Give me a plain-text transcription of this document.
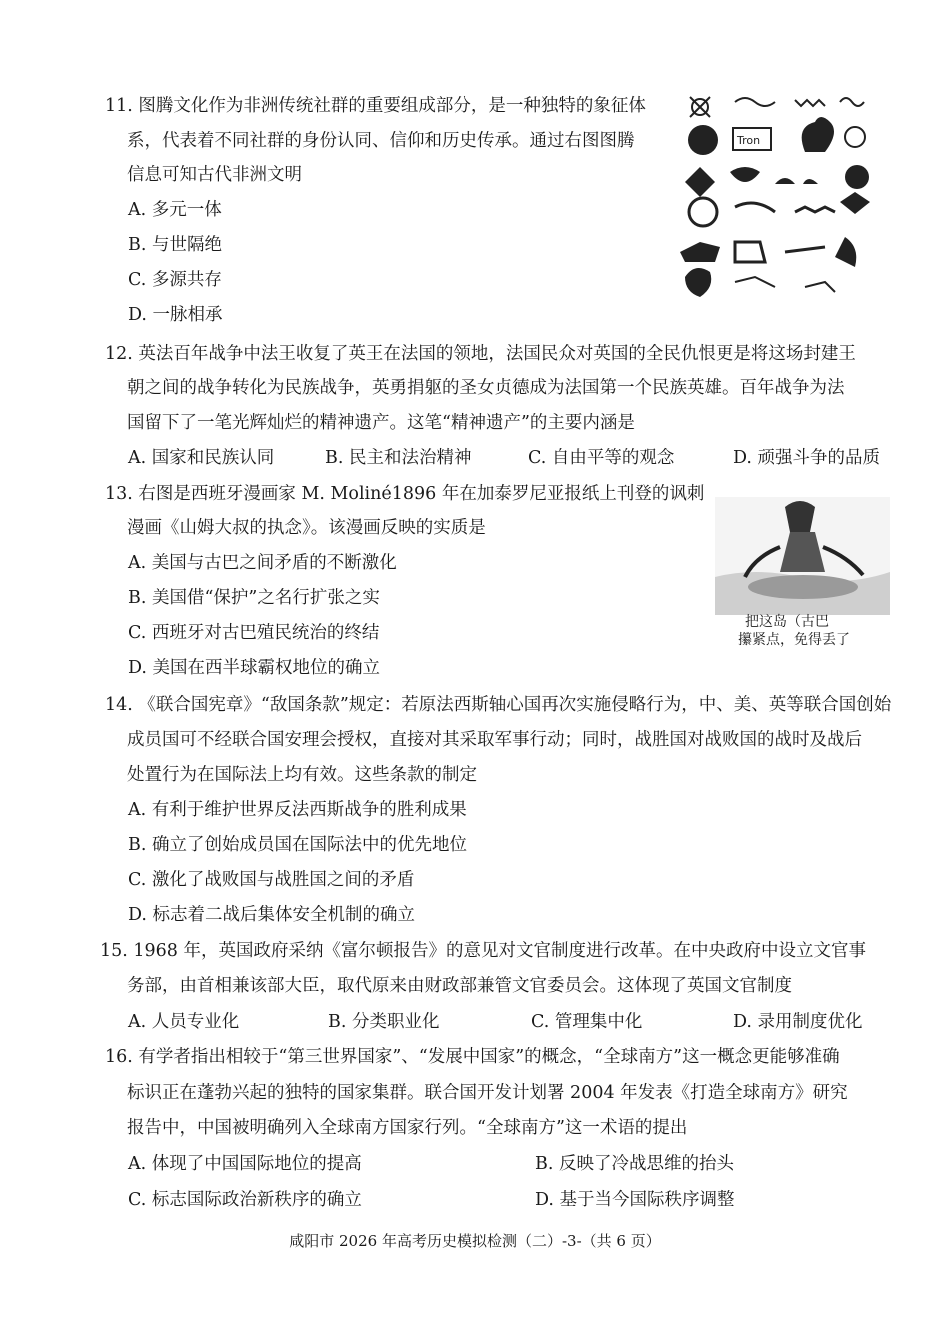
11. 图腾文化作为非洲传统社群的重要组成部分，是一种独特的象征体
系，代表着不同社群的身份认同、信仰和历史传承。通过右图图腾
信息可知古代非洲文明
A. 多元一体
B. 与世隔绝
C. 多源共存
D. 一脉相承
Tron
12. 英法百年战争中法王收复了英王在法国的领地，法国民众对英国的全民仇恨更是将这场封建王
朝之间的战争转化为民族战争，英勇捐躯的圣女贞德成为法国第一个民族英雄。百年战争为法
国留下了一笔光辉灿烂的精神遗产。这笔“精神遗产”的主要内涵是
A. 国家和民族认同	B. 民主和法治精神	C. 自由平等的观念	D. 顽强斗争的品质
13. 右图是西班牙漫画家 M. Moliné1896 年在加泰罗尼亚报纸上刊登的讽刺
漫画《山姆大叔的执念》。该漫画反映的实质是
A. 美国与古巴之间矛盾的不断激化
B. 美国借“保护”之名行扩张之实
C. 西班牙对古巴殖民统治的终结
D. 美国在西半球霸权地位的确立
把这岛（古巴
攥紧点，免得丢了
14. 《联合国宪章》“敌国条款”规定：若原法西斯轴心国再次实施侵略行为，中、美、英等联合国创始
成员国可不经联合国安理会授权，直接对其采取军事行动；同时，战胜国对战败国的战时及战后
处置行为在国际法上均有效。这些条款的制定
A. 有利于维护世界反法西斯战争的胜利成果
B. 确立了创始成员国在国际法中的优先地位
C. 激化了战败国与战胜国之间的矛盾
D. 标志着二战后集体安全机制的确立
15. 1968 年，英国政府采纳《富尔顿报告》的意见对文官制度进行改革。在中央政府中设立文官事
务部，由首相兼该部大臣，取代原来由财政部兼管文官委员会。这体现了英国文官制度
A. 人员专业化	B. 分类职业化	C. 管理集中化	D. 录用制度优化
16. 有学者指出相较于“第三世界国家”、“发展中国家”的概念，“全球南方”这一概念更能够准确
标识正在蓬勃兴起的独特的国家集群。联合国开发计划署 2004 年发表《打造全球南方》研究
报告中，中国被明确列入全球南方国家行列。“全球南方”这一术语的提出
A. 体现了中国国际地位的提高	B. 反映了冷战思维的抬头
C. 标志国际政治新秩序的确立	D. 基于当今国际秩序调整
咸阳市 2026 年高考历史模拟检测（二）-3-（共 6 页）
